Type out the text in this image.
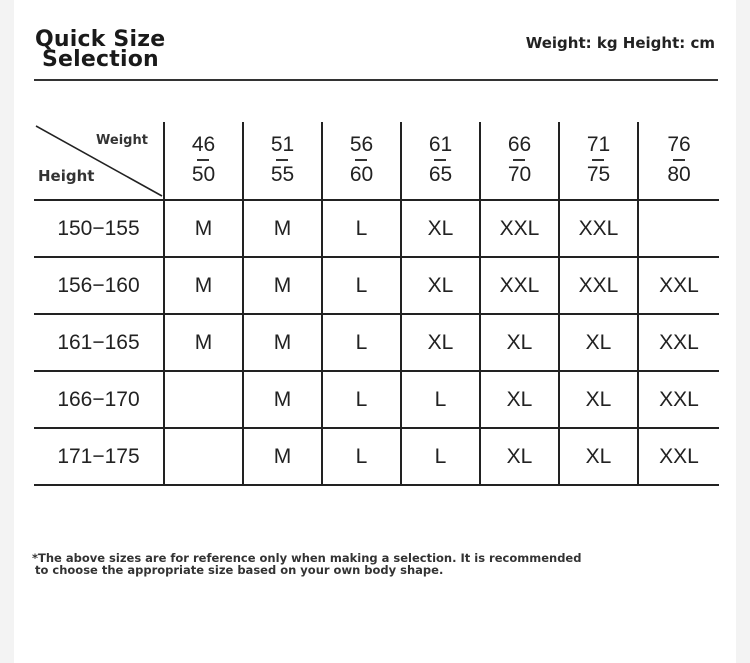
Quick Size
Selection
Weight: kg Height: cm
Weight
Height	$\frac{46}{50}$	$\frac{51}{55}$	$\frac{56}{60}$	$\frac{61}{65}$	$\frac{66}{70}$	$\frac{71}{75}$	$\frac{76}{80}$

150−155	M	M	L	XL	XXL	XXL	
156−160	M	M	L	XL	XXL	XXL	XXL
161−165	M	M	L	XL	XL	XL	XXL
166−170		M	L	L	XL	XL	XXL
171−175		M	L	L	XL	XL	XXL
*The above sizes are for reference only when making a selection. It is recommended
to choose the appropriate size based on your own body shape.
